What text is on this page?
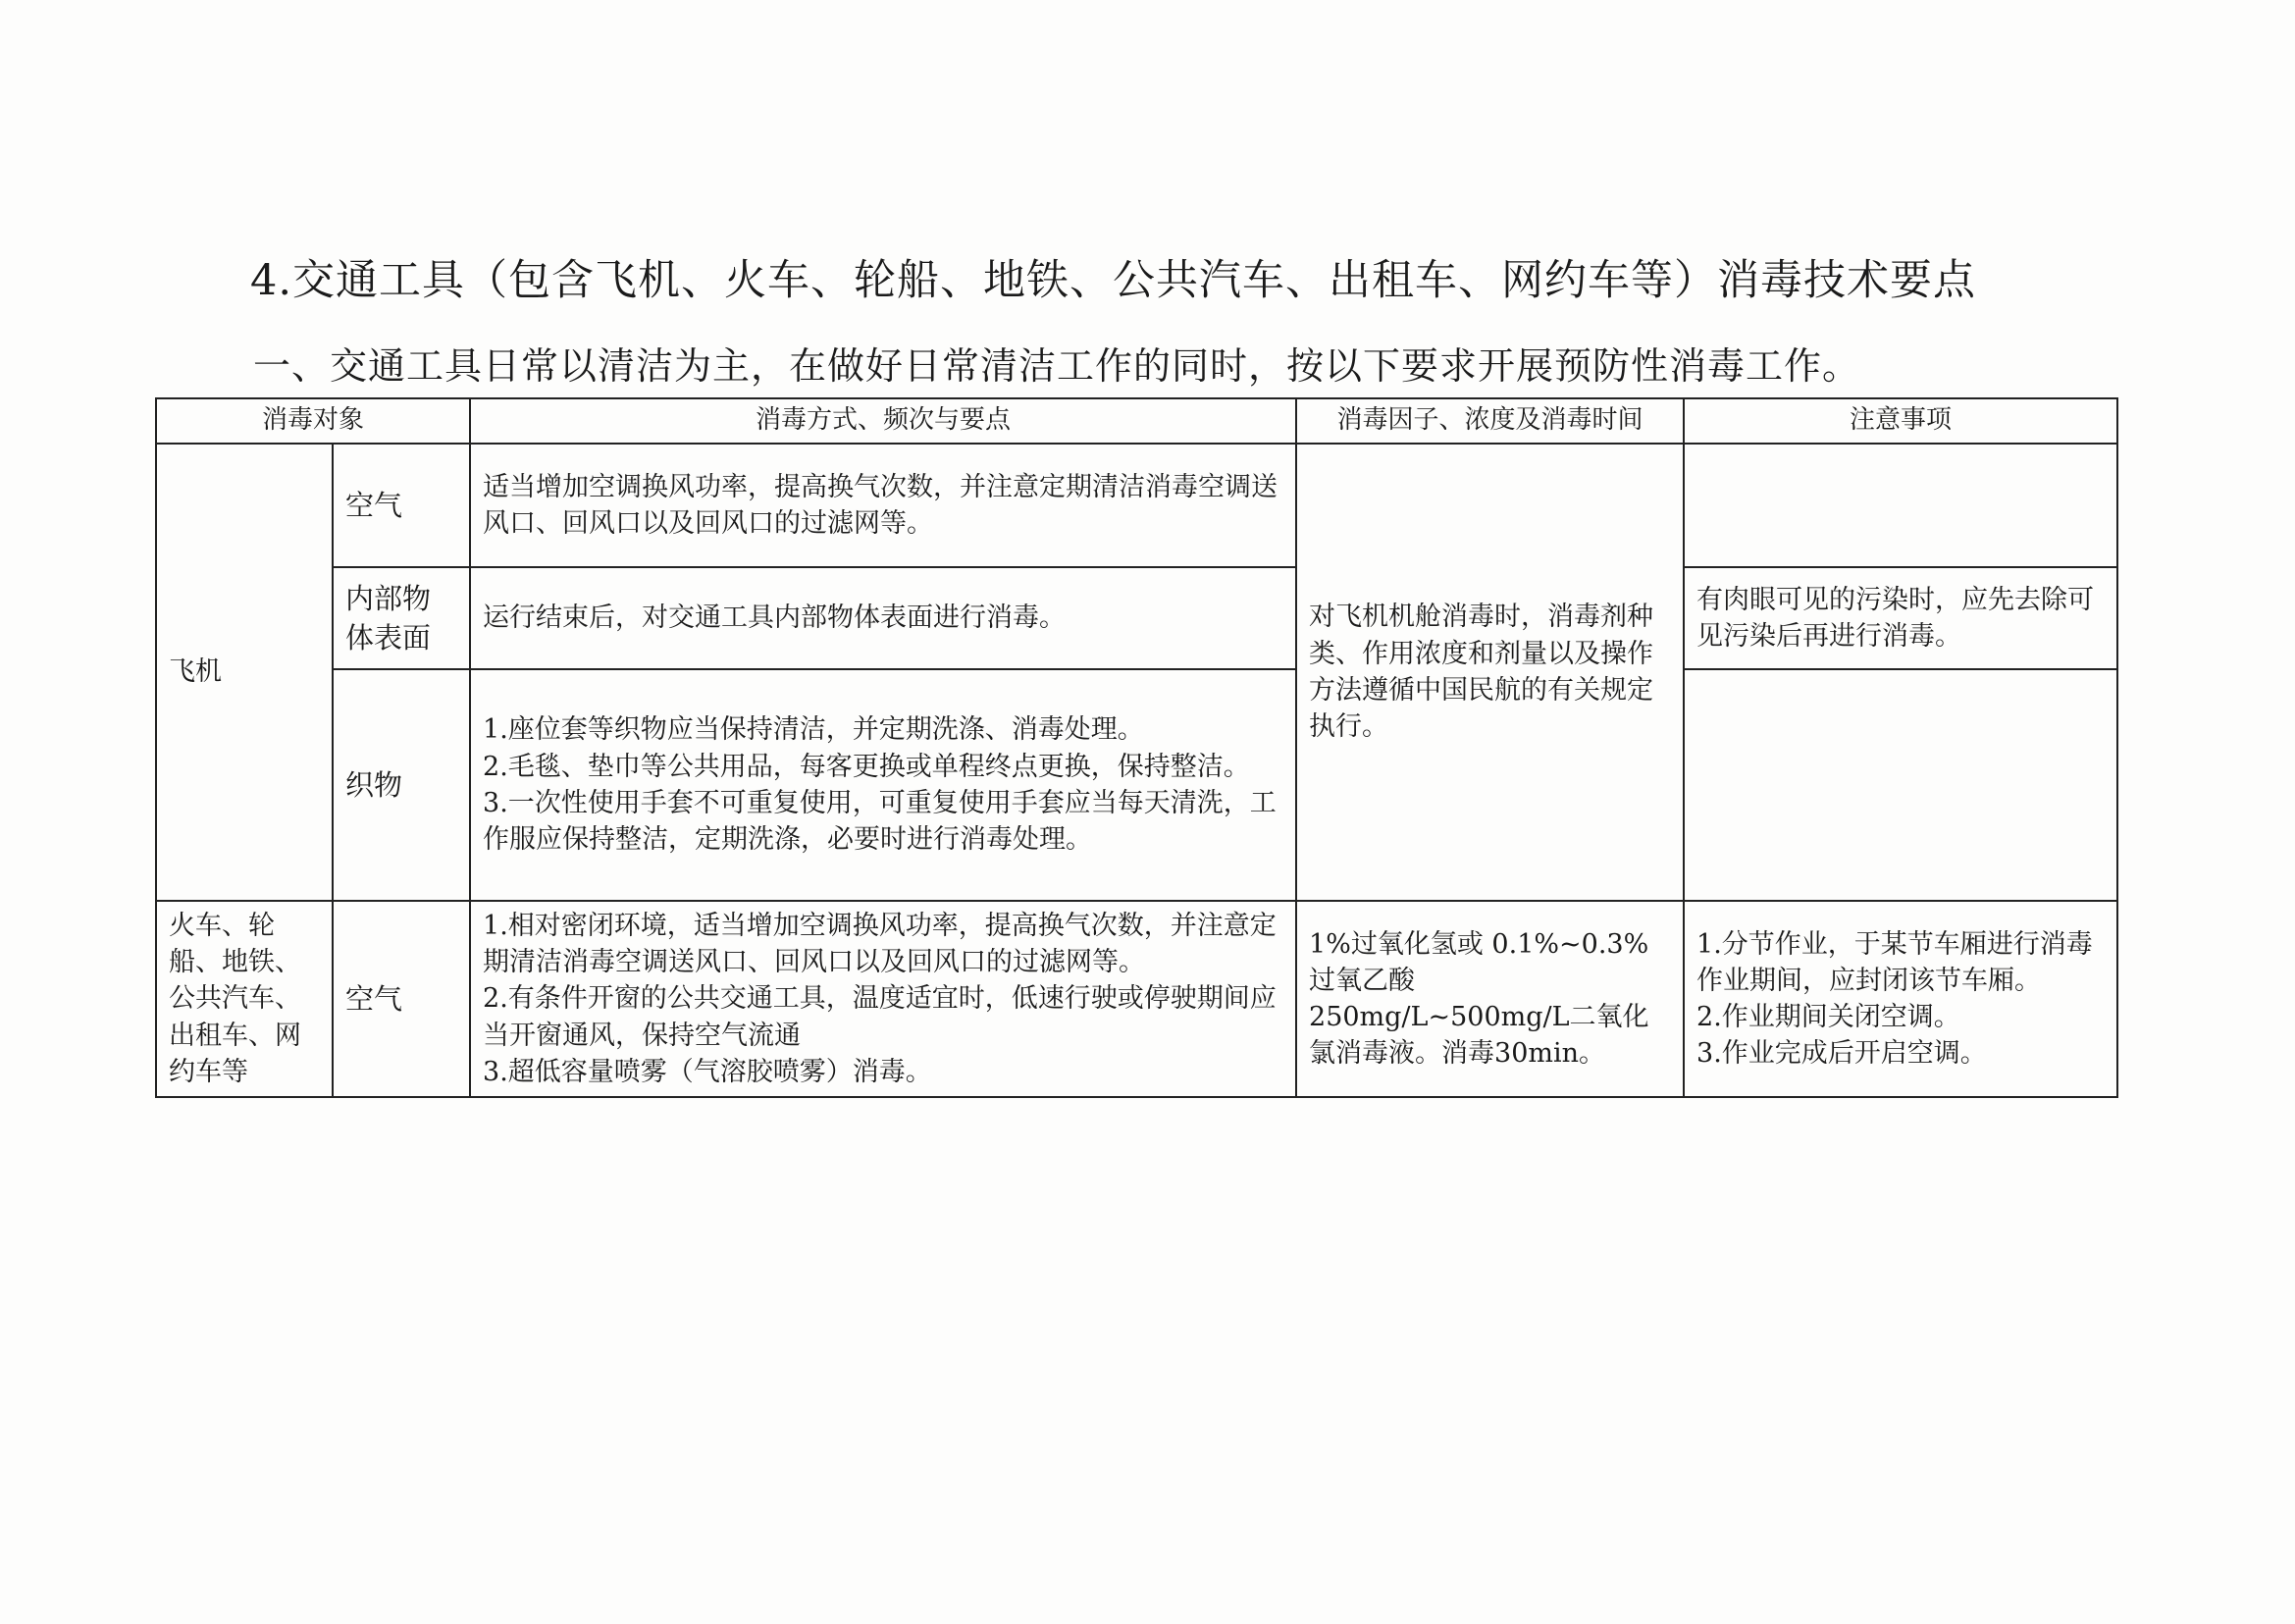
4.交通工具（包含飞机、火车、轮船、地铁、公共汽车、出租车、网约车等）消毒技术要点
一、交通工具日常以清洁为主，在做好日常清洁工作的同时，按以下要求开展预防性消毒工作。
消毒对象		消毒方式、频次与要点	消毒因子、浓度及消毒时间	注意事项
飞机	空气	适当增加空调换风功率，提高换气次数，并注意定期清洁消毒空调送风口、回风口以及回风口的过滤网等。	对飞机机舱消毒时，消毒剂种类、作用浓度和剂量以及操作方法遵循中国民航的有关规定执行。	
	内部物体表面	运行结束后，对交通工具内部物体表面进行消毒。		有肉眼可见的污染时，应先去除可见污染后再进行消毒。
	织物	1.座位套等织物应当保持清洁，并定期洗涤、消毒处理。
2.毛毯、垫巾等公共用品，每客更换或单程终点更换，保持整洁。
3.一次性使用手套不可重复使用，可重复使用手套应当每天清洗，工作服应保持整洁，定期洗涤，必要时进行消毒处理。		

火车、轮船、地铁、公共汽车、出租车、网约车等	空气	1.相对密闭环境，适当增加空调换风功率，提高换气次数，并注意定期清洁消毒空调送风口、回风口以及回风口的过滤网等。
2.有条件开窗的公共交通工具，温度适宜时，低速行驶或停驶期间应当开窗通风，保持空气流通
3.超低容量喷雾（气溶胶喷雾）消毒。	1%过氧化氢或 0.1%~0.3%过氧乙酸250mg/L~500mg/L二氧化氯消毒液。消毒30min。	1.分节作业，于某节车厢进行消毒作业期间，应封闭该节车厢。
2.作业期间关闭空调。
3.作业完成后开启空调。
